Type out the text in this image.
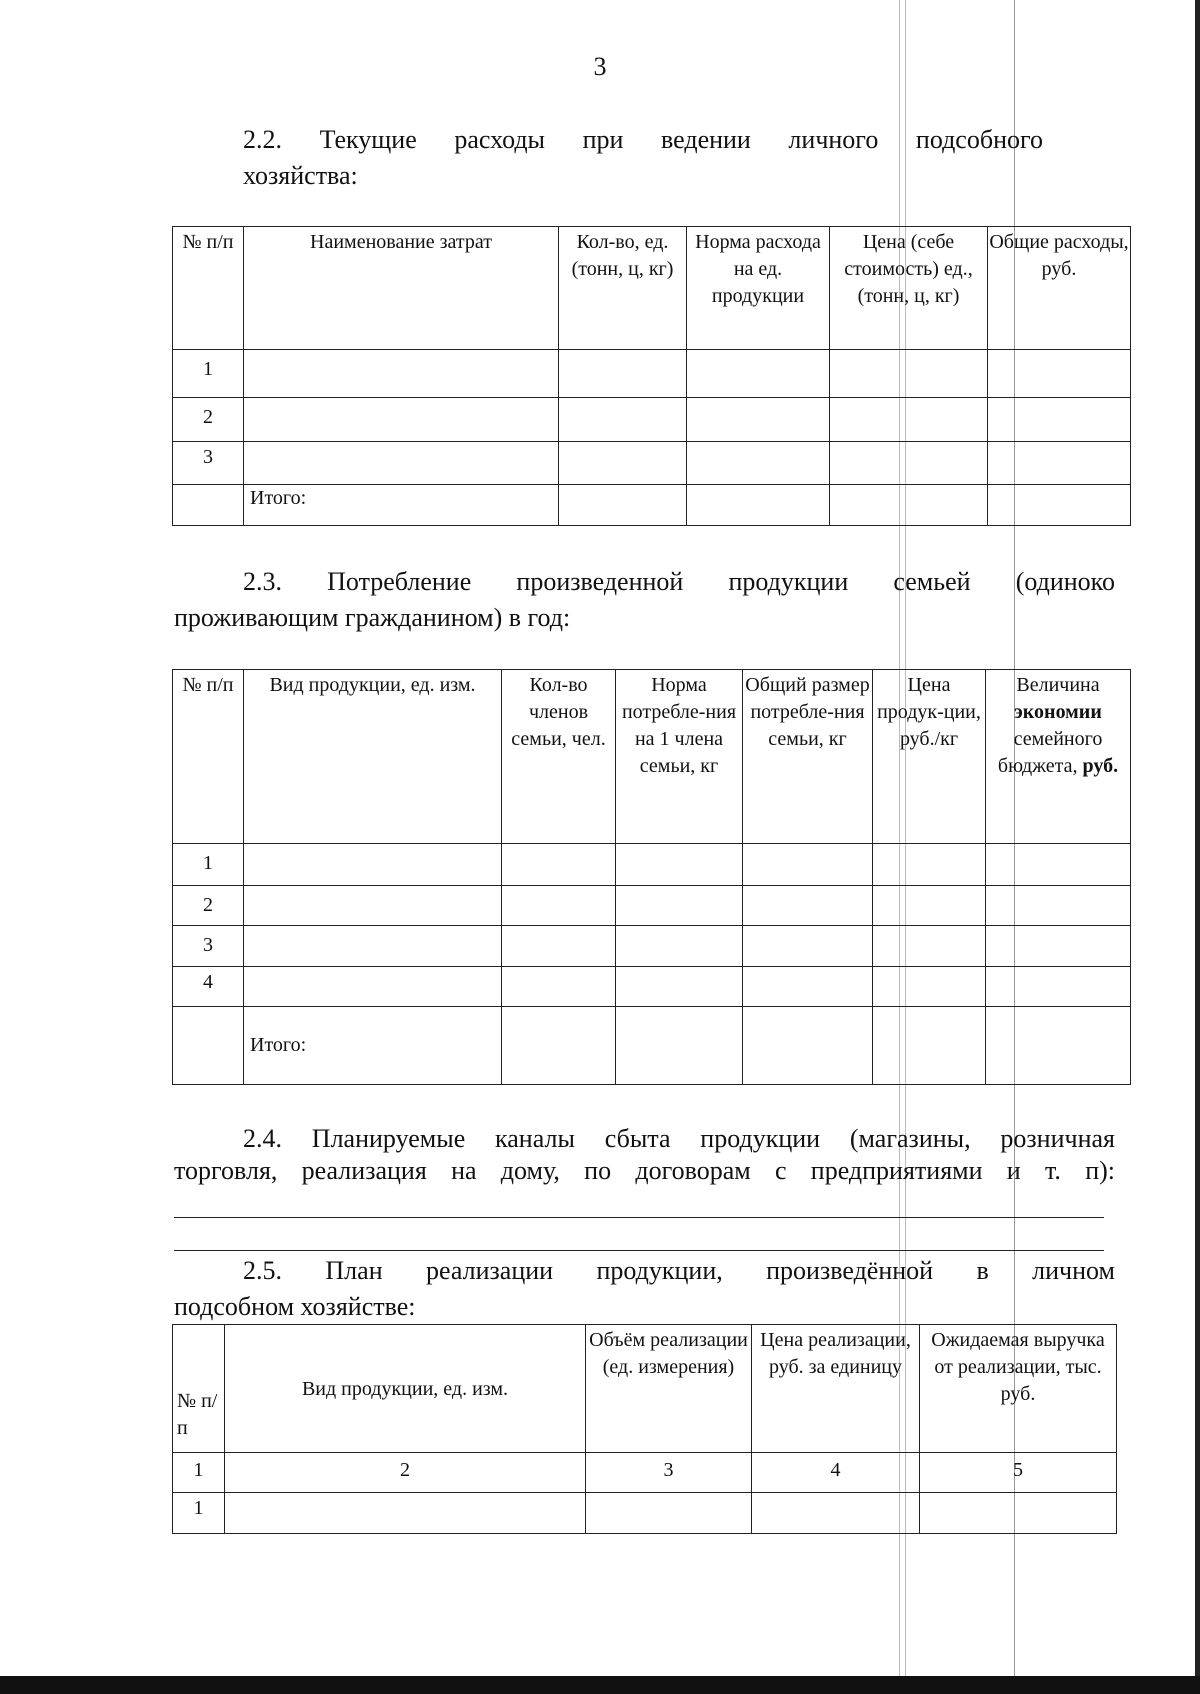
3
2.2. Текущие расходы при ведении личного подсобного
хозяйства:
№ п/п	Наименование затрат	Кол-во, ед. (тонн, ц, кг)	Норма расхода на ед. продукции	Цена (себе стоимость) ед., (тонн, ц, кг)	Общие расходы, руб.
1					
2					
3					
	Итого:				
2.3. Потребление произведенной продукции семьей (одиноко
проживающим гражданином) в год:
№ п/п	Вид продукции, ед. изм.	Кол-во членов семьи, чел.	Норма потребле-ния на 1 члена семьи, кг	Общий размер потребле-ния семьи, кг	Цена продук-ции, руб./кг	Величина экономии семейного бюджета, руб.
1						
2						
3						
4						
	Итого:					
2.4. Планируемые каналы сбыта продукции (магазины, розничная
торговля, реализация на дому, по договорам с предприятиями и т. п):
2.5. План реализации продукции, произведённой в личном
подсобном хозяйстве:
№ п/п	Вид продукции, ед. изм.	Объём реализации (ед. измерения)	Цена реализации, руб. за единицу	Ожидаемая выручка от реализации, тыс. руб.
1	2	3	4	5
1				
